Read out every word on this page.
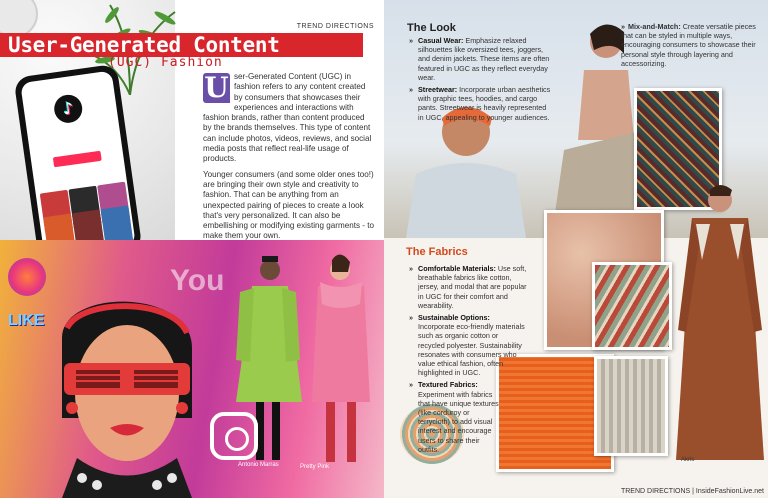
♪
TREND DIRECTIONS
User-Generated Content
(UGC) Fashion
U ser-Generated Content (UGC) in fashion refers to any content created by consumers that showcases their experiences and interactions with fashion brands, rather than content produced by the brands themselves. This type of content can include photos, videos, reviews, and social media posts that reflect real-life usage of products.

Younger consumers (and some older ones too!) are bringing their own style and creativity to fashion. That can be anything from an unexpected pairing of pieces to create a look that's very personalized. It can also be embellishing or modifying existing garments - to make them your own.

You
LIKE
Antonio Marras	Pretty Pink
The Look
» Casual Wear: Emphasize relaxed silhouettes like oversized tees, joggers, and denim jackets. These items are often featured in UGC as they reflect everyday wear.
» Streetwear: Incorporate urban aesthetics with graphic tees, hoodies, and cargo pants. Streetwear is heavily represented in UGC, appealing to younger audiences.
» Mix-and-Match: Create versatile pieces that can be styled in multiple ways, encouraging consumers to showcase their personal style through layering and accessorizing.
The Fabrics
» Comfortable Materials: Use soft, breathable fabrics like cotton, jersey, and modal that are popular in UGC for their comfort and wearability.
» Sustainable Options: Incorporate eco-friendly materials such as organic cotton or recycled polyester. Sustainability resonates with consumers who value ethical fashion, often highlighted in UGC.
» Textured Fabrics: Experiment with fabrics that have unique textures (like corduroy or terrycloth) to add visual interest and encourage users to share their outfits.
Akris
TREND DIRECTIONS | InsideFashionLive.net
